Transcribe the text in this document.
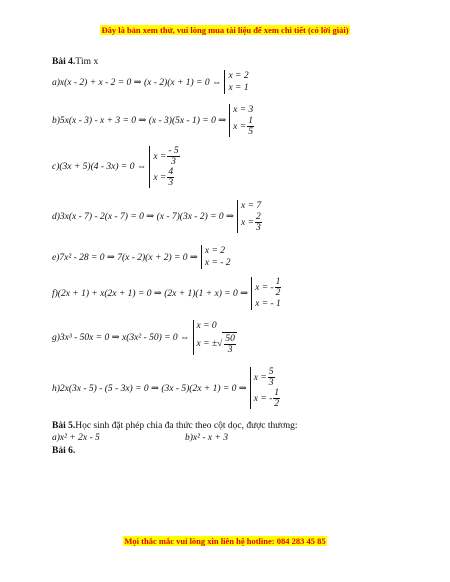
Đây là bản xem thử, vui lòng mua tài liệu để xem chi tiết (có lời giải)
Bài 4.Tìm x
a)x(x - 2) + x - 2 = 0 ⇒ (x - 2)(x + 1) = 0 ⇔
x = 2
x = 1
b)5x(x - 3) - x + 3 = 0 ⇒ (x - 3)(5x - 1) = 0 ⇒
x = 3
$x = \frac{1}{5}$
c)(3x + 5)(4 - 3x) = 0 ⇔
$x = \frac{- 5}{3}$
$x = \frac{4}{3}$
d)3x(x - 7) - 2(x - 7) = 0 ⇒ (x - 7)(3x - 2) = 0 ⇒
x = 7
$x = \frac{2}{3}$
e)7x² - 28 = 0 ⇒ 7(x - 2)(x + 2) = 0 ⇒
x = 2
x = - 2
f)(2x + 1) + x(2x + 1) = 0 ⇒ (2x + 1)(1 + x) = 0 ⇒
x = - $\frac{1}{2}$
x = - 1
g)3x³ - 50x = 0 ⇒ x(3x² - 50) = 0 ⇔
x = 0
x = ± √ $\frac{50}{3}$
h)2x(3x - 5) - (5 - 3x) = 0 ⇒ (3x - 5)(2x + 1) = 0 ⇒
$x = \frac{5}{3}$
x = - $\frac{1}{2}$
Bài 5.Học sinh đặt phép chia đa thức theo cột dọc, được thương:
a)x² + 2x - 5	b)x² - x + 3
Bài 6.
Mọi thắc mắc vui lòng xin liên hệ hotline: 084 283 45 85
